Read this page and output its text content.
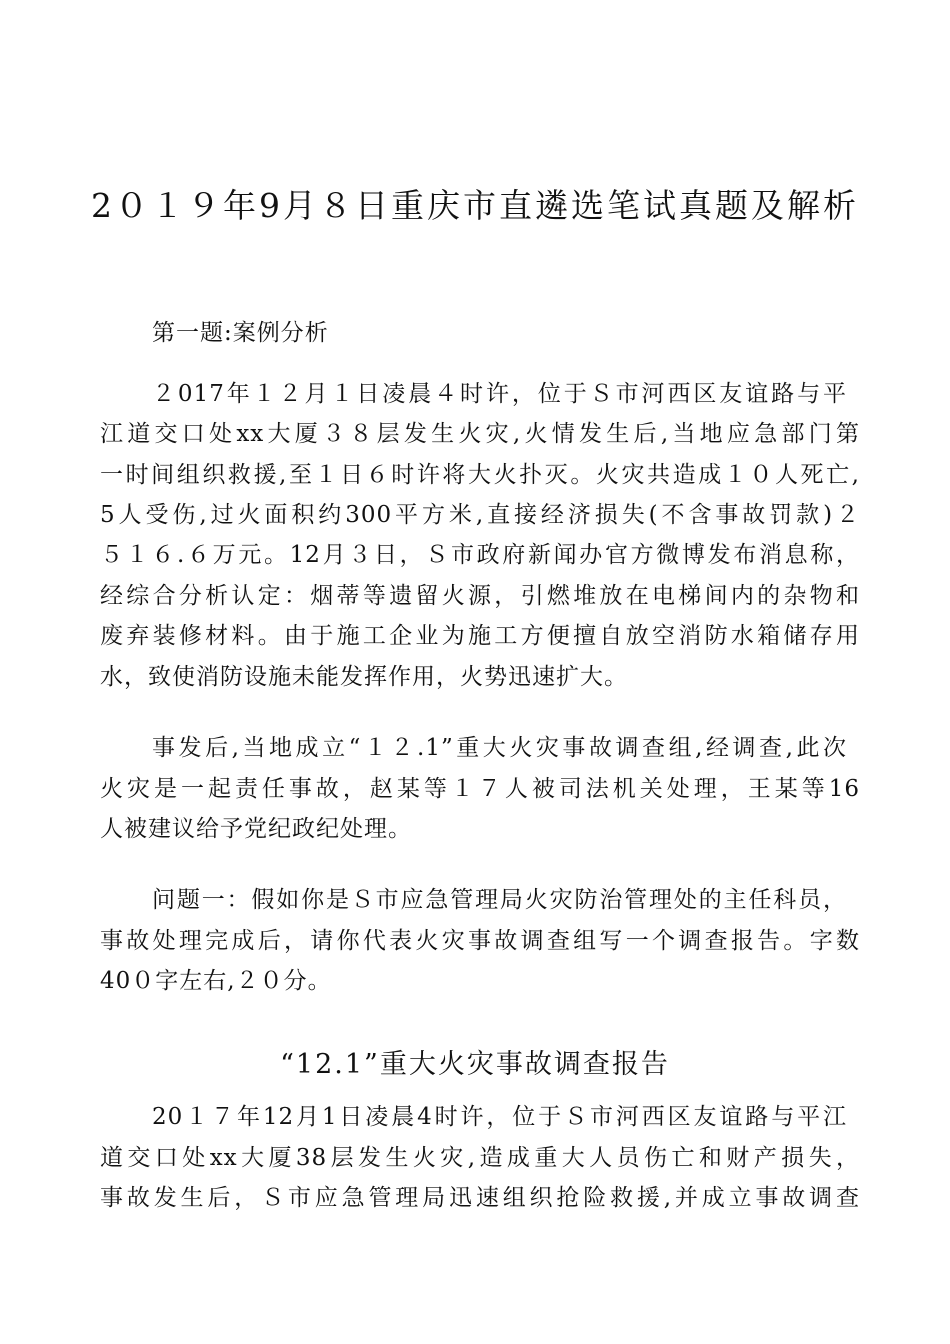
2０１９年9月８日重庆市直遴选笔试真题及解析
第一题:案例分析
２017年１２月１日凌晨４时许，位于Ｓ市河西区友谊路与平
江道交口处xx大厦３８层发生火灾,火情发生后,当地应急部门第
一时间组织救援,至１日６时许将大火扑灭。火灾共造成１０人死亡,
5人受伤,过火面积约300平方米,直接经济损失(不含事故罚款)２
５１６.６万元。12月３日，Ｓ市政府新闻办官方微博发布消息称，
经综合分析认定：烟蒂等遗留火源，引燃堆放在电梯间内的杂物和
废弃装修材料。由于施工企业为施工方便擅自放空消防水箱储存用
水，致使消防设施未能发挥作用，火势迅速扩大。
事发后,当地成立“１２.1”重大火灾事故调查组,经调查,此次
火灾是一起责任事故，赵某等１７人被司法机关处理，王某等16
人被建议给予党纪政纪处理。
问题一：假如你是Ｓ市应急管理局火灾防治管理处的主任科员，
事故处理完成后，请你代表火灾事故调查组写一个调查报告。字数
40０字左右,２０分。
“12.1”重大火灾事故调查报告
20１７年12月1日凌晨4时许，位于Ｓ市河西区友谊路与平江
道交口处xx大厦38层发生火灾,造成重大人员伤亡和财产损失，
事故发生后，Ｓ市应急管理局迅速组织抢险救援,并成立事故调查
